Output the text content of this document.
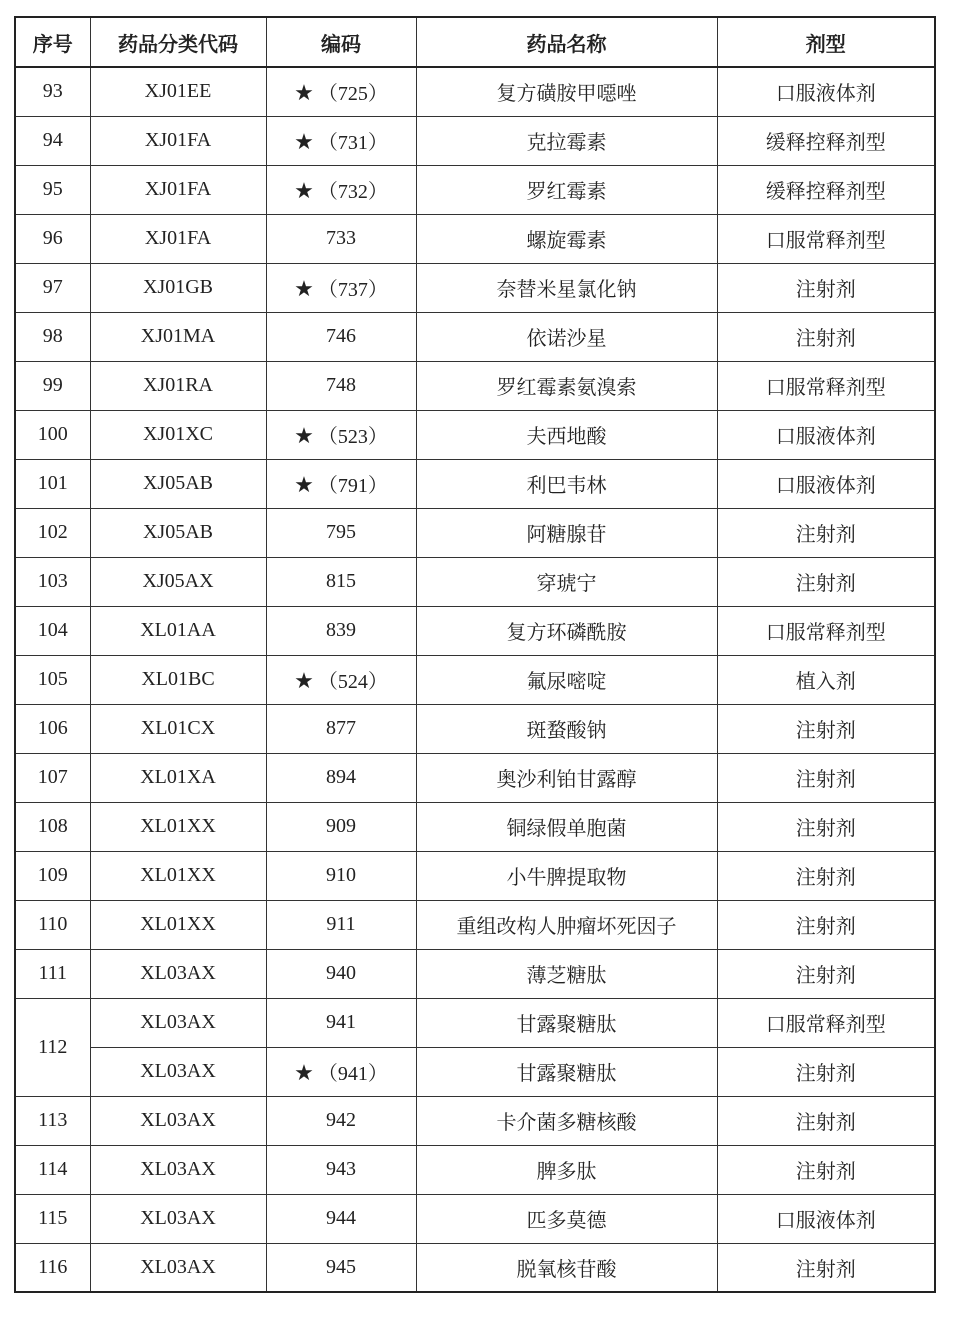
序号	药品分类代码	编码	药品名称	剂型
93	XJ01EE	★ （725）	复方磺胺甲噁唑	口服液体剂
94	XJ01FA	★ （731）	克拉霉素	缓释控释剂型
95	XJ01FA	★ （732）	罗红霉素	缓释控释剂型
96	XJ01FA	733	螺旋霉素	口服常释剂型
97	XJ01GB	★ （737）	奈替米星氯化钠	注射剂
98	XJ01MA	746	依诺沙星	注射剂
99	XJ01RA	748	罗红霉素氨溴索	口服常释剂型
100	XJ01XC	★ （523）	夫西地酸	口服液体剂
101	XJ05AB	★ （791）	利巴韦林	口服液体剂
102	XJ05AB	795	阿糖腺苷	注射剂
103	XJ05AX	815	穿琥宁	注射剂
104	XL01AA	839	复方环磷酰胺	口服常释剂型
105	XL01BC	★ （524）	氟尿嘧啶	植入剂
106	XL01CX	877	斑蝥酸钠	注射剂
107	XL01XA	894	奥沙利铂甘露醇	注射剂
108	XL01XX	909	铜绿假单胞菌	注射剂
109	XL01XX	910	小牛脾提取物	注射剂
110	XL01XX	911	重组改构人肿瘤坏死因子	注射剂
111	XL03AX	940	薄芝糖肽	注射剂
112	XL03AX	941	甘露聚糖肽	口服常释剂型
	XL03AX	★ （941）	甘露聚糖肽	注射剂
113	XL03AX	942	卡介菌多糖核酸	注射剂
114	XL03AX	943	脾多肽	注射剂
115	XL03AX	944	匹多莫德	口服液体剂
116	XL03AX	945	脱氧核苷酸	注射剂
